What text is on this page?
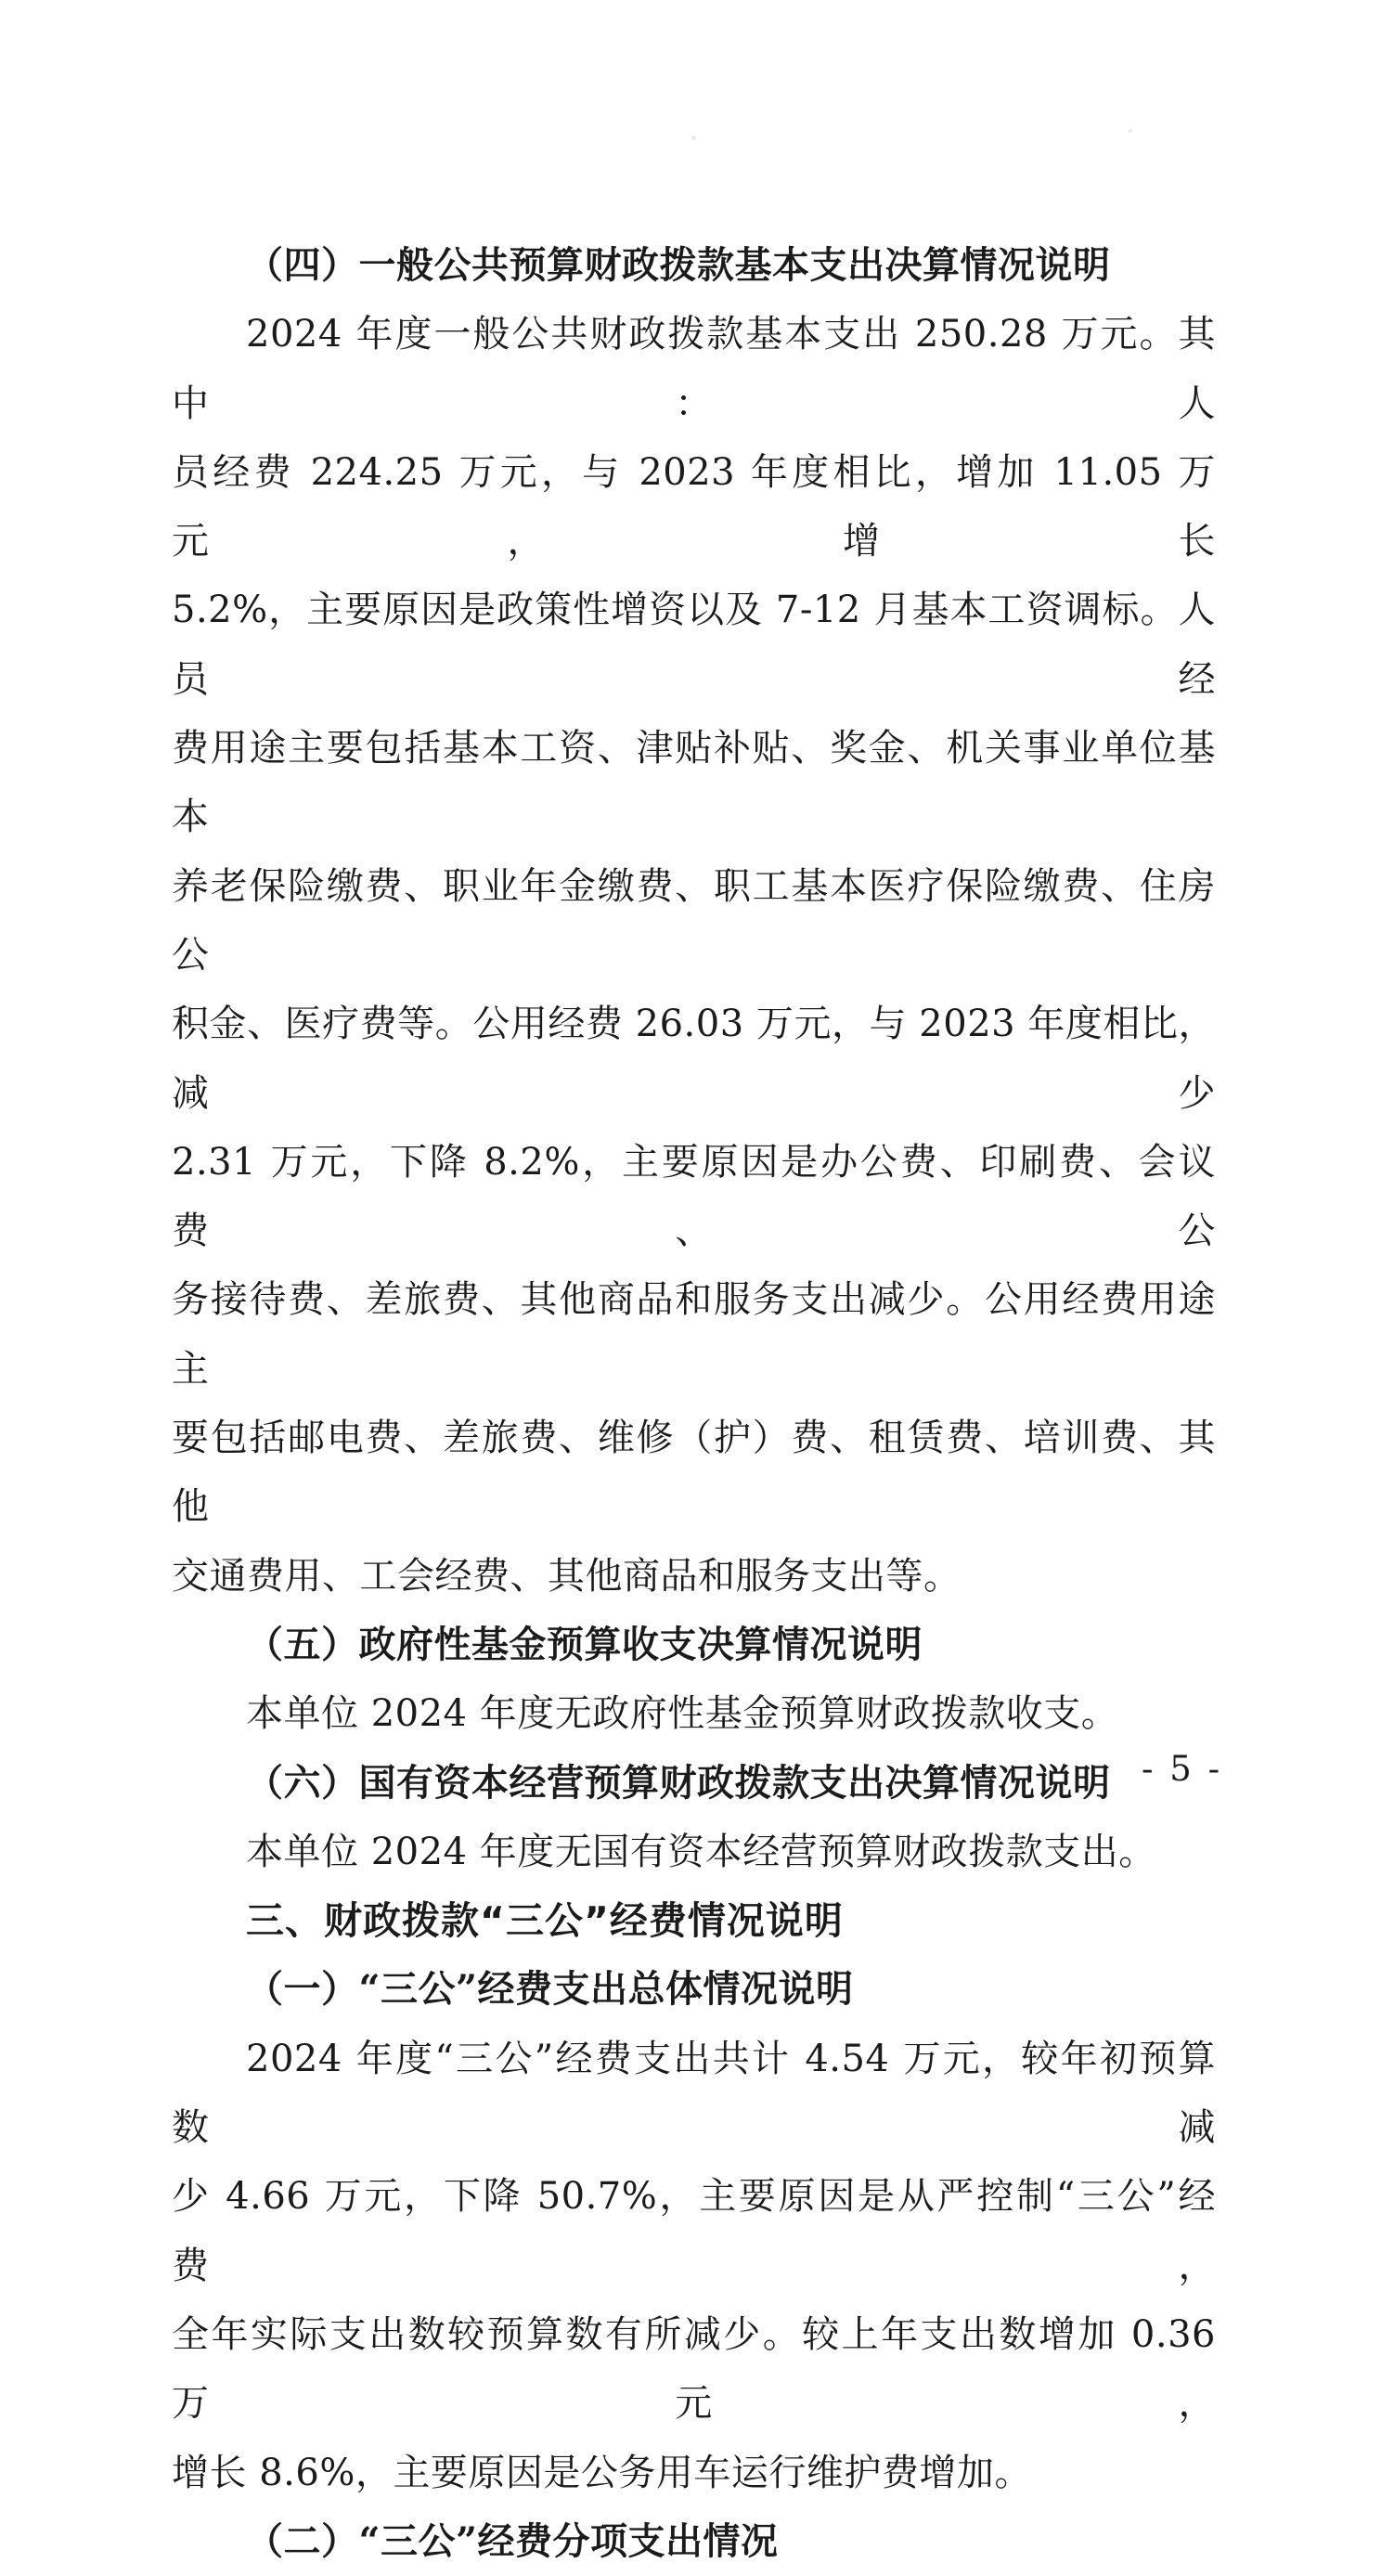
（四）一般公共预算财政拨款基本支出决算情况说明
2024 年度一般公共财政拨款基本支出 250.28 万元。其中：人
员经费 224.25 万元，与 2023 年度相比，增加 11.05 万元，增长
5.2%，主要原因是政策性增资以及 7-12 月基本工资调标。人员经
费用途主要包括基本工资、津贴补贴、奖金、机关事业单位基本
养老保险缴费、职业年金缴费、职工基本医疗保险缴费、住房公
积金、医疗费等。公用经费 26.03 万元，与 2023 年度相比，减少
2.31 万元，下降 8.2%，主要原因是办公费、印刷费、会议费、公
务接待费、差旅费、其他商品和服务支出减少。公用经费用途主
要包括邮电费、差旅费、维修（护）费、租赁费、培训费、其他
交通费用、工会经费、其他商品和服务支出等。
（五）政府性基金预算收支决算情况说明
本单位 2024 年度无政府性基金预算财政拨款收支。
（六）国有资本经营预算财政拨款支出决算情况说明
本单位 2024 年度无国有资本经营预算财政拨款支出。
三、财政拨款“三公”经费情况说明
（一）“三公”经费支出总体情况说明
2024 年度“三公”经费支出共计 4.54 万元，较年初预算数减
少 4.66 万元，下降 50.7%，主要原因是从严控制“三公”经费，
全年实际支出数较预算数有所减少。较上年支出数增加 0.36 万元，
增长 8.6%，主要原因是公务用车运行维护费增加。
（二）“三公”经费分项支出情况
- 5 -
